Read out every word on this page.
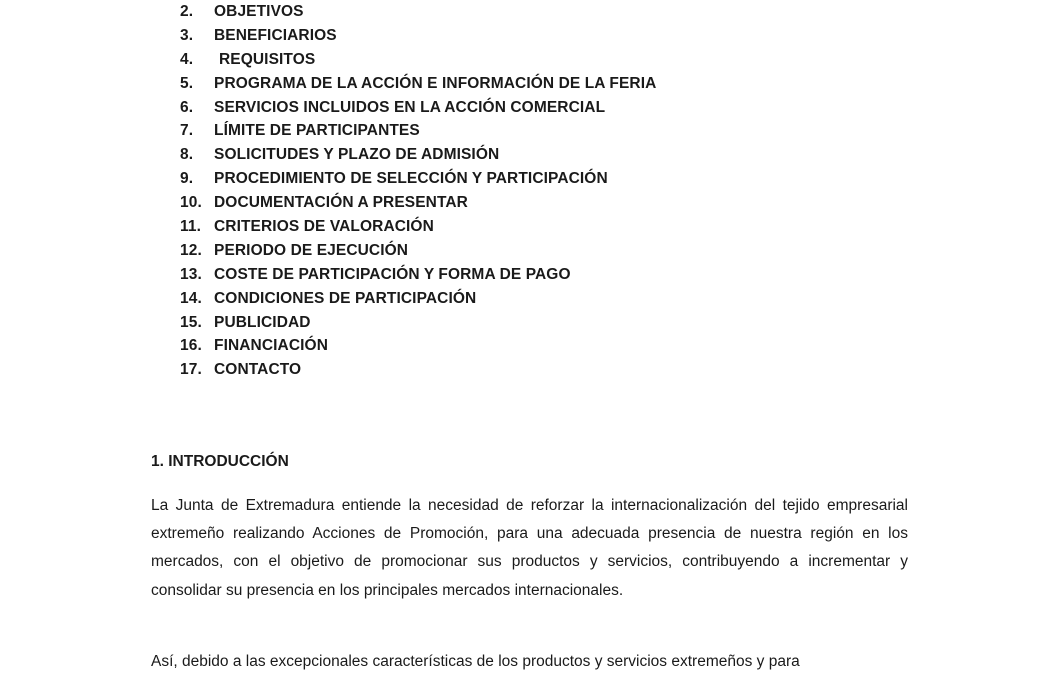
2.	OBJETIVOS
3.	BENEFICIARIOS
4.	REQUISITOS
5.	PROGRAMA DE LA ACCIÓN E INFORMACIÓN DE LA FERIA
6.	SERVICIOS INCLUIDOS EN LA ACCIÓN COMERCIAL
7.	LÍMITE DE PARTICIPANTES
8.	SOLICITUDES Y PLAZO DE ADMISIÓN
9.	PROCEDIMIENTO DE SELECCIÓN Y PARTICIPACIÓN
10. DOCUMENTACIÓN A PRESENTAR
11. CRITERIOS DE VALORACIÓN
12. PERIODO DE EJECUCIÓN
13. COSTE DE PARTICIPACIÓN Y FORMA DE PAGO
14. CONDICIONES DE PARTICIPACIÓN
15. PUBLICIDAD
16. FINANCIACIÓN
17. CONTACTO
1. INTRODUCCIÓN

La Junta de Extremadura entiende la necesidad de reforzar la internacionalización del tejido empresarial extremeño realizando Acciones de Promoción, para una adecuada presencia de nuestra región en los mercados, con el objetivo de promocionar sus productos y servicios, contribuyendo a incrementar y consolidar su presencia en los principales mercados internacionales.

Así, debido a las excepcionales características de los productos y servicios extremeños y para
